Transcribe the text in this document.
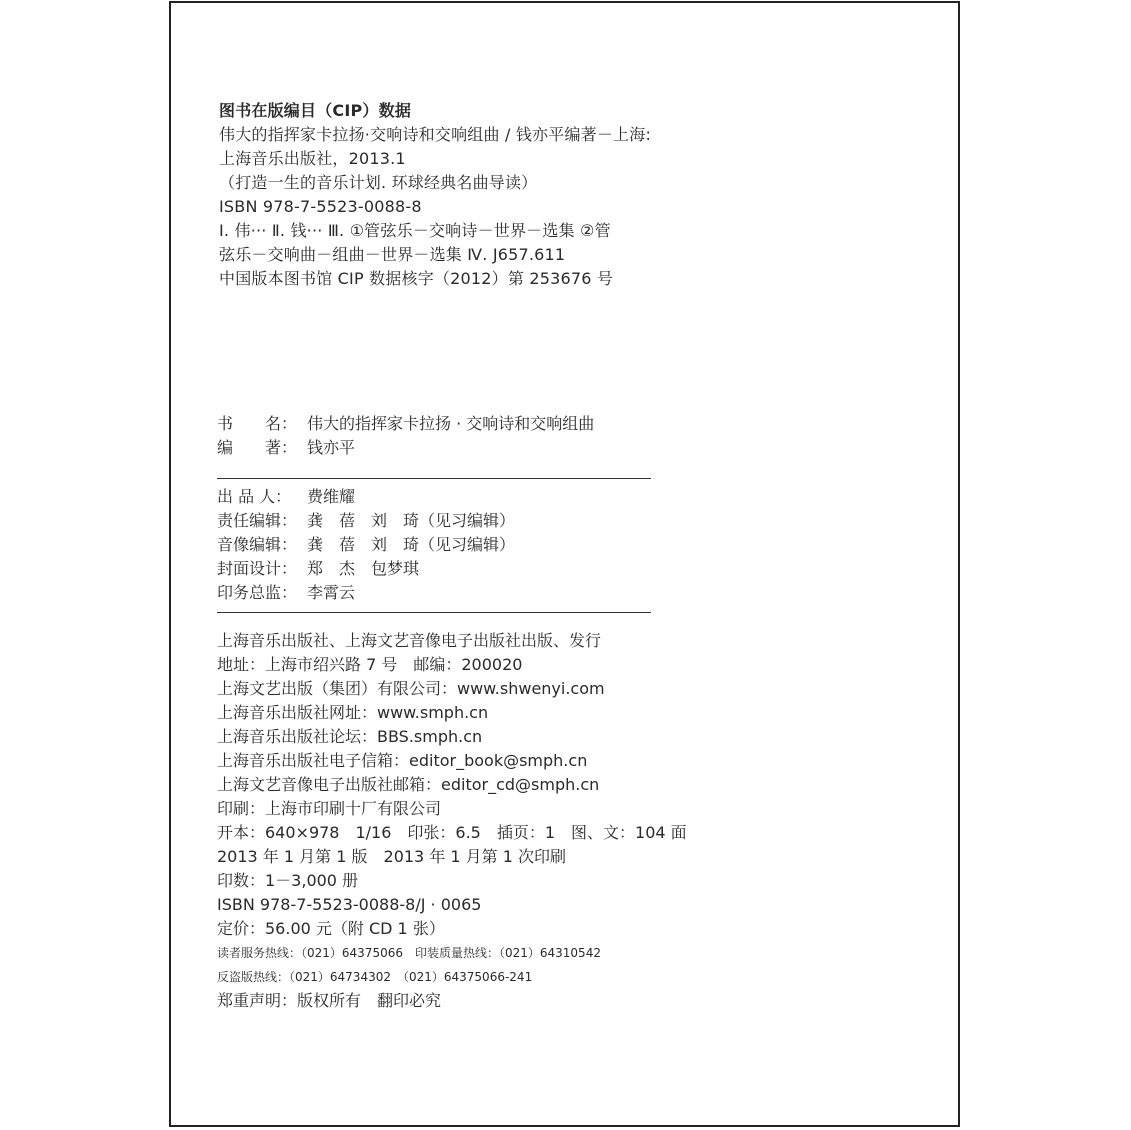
图书在版编目（CIP）数据
伟大的指挥家卡拉扬·交响诗和交响组曲 / 钱亦平编著－上海:
上海音乐出版社，2013.1
（打造一生的音乐计划. 环球经典名曲导读）
ISBN 978-7-5523-0088-8
Ⅰ. 伟··· Ⅱ. 钱··· Ⅲ. ①管弦乐－交响诗－世界－选集 ②管
弦乐－交响曲－组曲－世界－选集 Ⅳ. J657.611
中国版本图书馆 CIP 数据核字（2012）第 253676 号
书　　名： 伟大的指挥家卡拉扬 · 交响诗和交响组曲
编　　著： 钱亦平
出 品 人： 费维耀
责任编辑： 龚　蓓　刘　琦（见习编辑）
音像编辑： 龚　蓓　刘　琦（见习编辑）
封面设计： 郑　杰　包梦琪
印务总监： 李霄云
上海音乐出版社、上海文艺音像电子出版社出版、发行
地址：上海市绍兴路 7 号　邮编：200020
上海文艺出版（集团）有限公司：www.shwenyi.com
上海音乐出版社网址：www.smph.cn
上海音乐出版社论坛：BBS.smph.cn
上海音乐出版社电子信箱：editor_book@smph.cn
上海文艺音像电子出版社邮箱：editor_cd@smph.cn
印刷：上海市印刷十厂有限公司
开本：640×978　1/16　印张：6.5　插页：1　图、文：104 面
2013 年 1 月第 1 版　2013 年 1 月第 1 次印刷
印数：1－3,000 册
ISBN 978-7-5523-0088-8/J · 0065
定价：56.00 元（附 CD 1 张）
读者服务热线：（021）64375066　印装质量热线：（021）64310542
反盗版热线：（021）64734302　（021）64375066-241
郑重声明：版权所有　翻印必究
